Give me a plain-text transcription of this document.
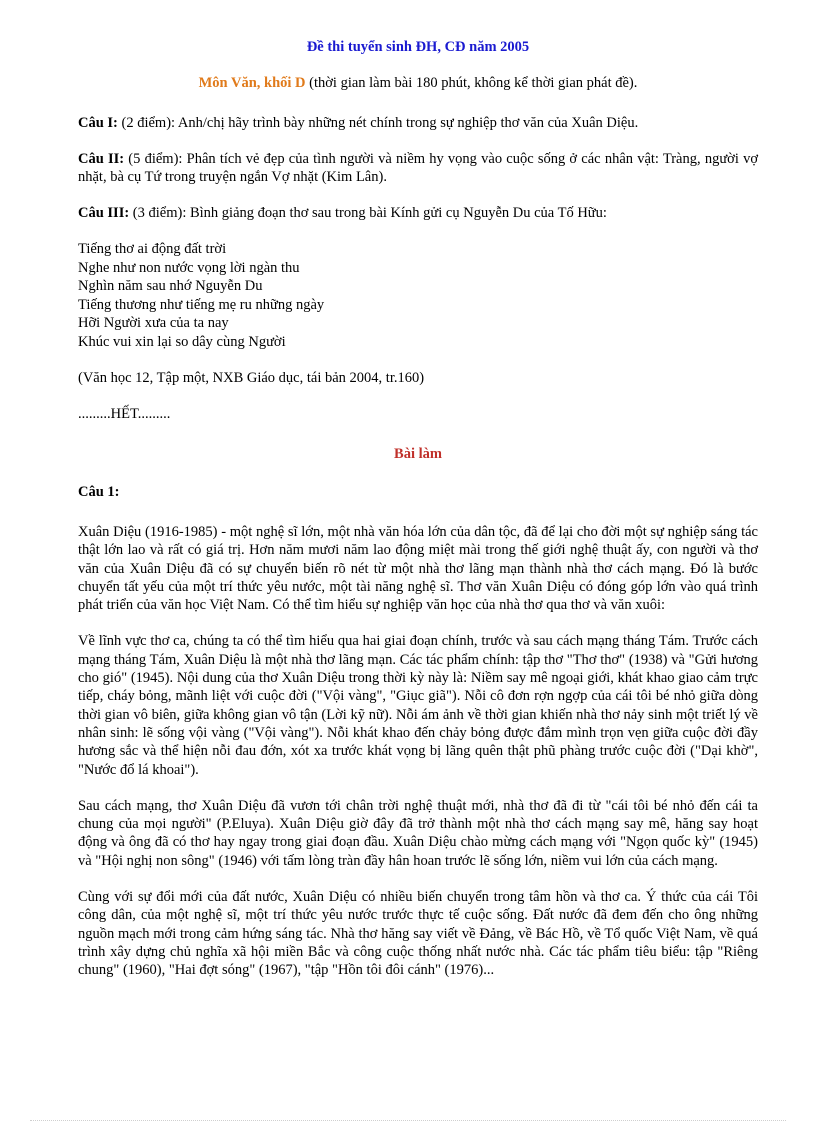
Đề thi tuyển sinh ĐH, CĐ năm 2005
Môn Văn, khối D (thời gian làm bài 180 phút, không kể thời gian phát đề).

Câu I: (2 điểm): Anh/chị hãy trình bày những nét chính trong sự nghiệp thơ văn của Xuân Diệu.

Câu II: (5 điểm): Phân tích vẻ đẹp của tình người và niềm hy vọng vào cuộc sống ở các nhân vật: Tràng, người vợ nhặt, bà cụ Tứ trong truyện ngắn Vợ nhặt (Kim Lân).

Câu III: (3 điểm): Bình giảng đoạn thơ sau trong bài Kính gửi cụ Nguyễn Du của Tố Hữu:

Tiếng thơ ai động đất trời
Nghe như non nước vọng lời ngàn thu
Nghìn năm sau nhớ Nguyễn Du
Tiếng thương như tiếng mẹ ru những ngày
Hỡi Người xưa của ta nay
Khúc vui xin lại so dây cùng Người

(Văn học 12, Tập một, NXB Giáo dục, tái bản 2004, tr.160)

.........HẾT.........
Bài làm
Câu 1:

Xuân Diệu (1916-1985) - một nghệ sĩ lớn, một nhà văn hóa lớn của dân tộc, đã để lại cho đời một sự nghiệp sáng tác thật lớn lao và rất có giá trị. Hơn năm mươi năm lao động miệt mài trong thế giới nghệ thuật ấy, con người và thơ văn của Xuân Diệu đã có sự chuyển biến rõ nét từ một nhà thơ lãng mạn thành nhà thơ cách mạng. Đó là bước chuyển tất yếu của một trí thức yêu nước, một tài năng nghệ sĩ. Thơ văn Xuân Diệu có đóng góp lớn vào quá trình phát triển của văn học Việt Nam. Có thể tìm hiểu sự nghiệp văn học của nhà thơ qua thơ và văn xuôi:

Về lĩnh vực thơ ca, chúng ta có thể tìm hiểu qua hai giai đoạn chính, trước và sau cách mạng tháng Tám. Trước cách mạng tháng Tám, Xuân Diệu là một nhà thơ lãng mạn. Các tác phẩm chính: tập thơ "Thơ thơ" (1938) và "Gửi hương cho gió" (1945). Nội dung của thơ Xuân Diệu trong thời kỳ này là: Niềm say mê ngoại giới, khát khao giao cảm trực tiếp, cháy bỏng, mãnh liệt với cuộc đời ("Vội vàng", "Giục giã"). Nỗi cô đơn rợn ngợp của cái tôi bé nhỏ giữa dòng thời gian vô biên, giữa không gian vô tận (Lời kỹ nữ). Nỗi ám ảnh về thời gian khiến nhà thơ nảy sinh một triết lý về nhân sinh: lẽ sống vội vàng ("Vội vàng"). Nỗi khát khao đến chảy bỏng được đắm mình trọn vẹn giữa cuộc đời đầy hương sắc và thể hiện nỗi đau đớn, xót xa trước khát vọng bị lãng quên thật phũ phàng trước cuộc đời ("Dại khờ", "Nước đổ lá khoai").

Sau cách mạng, thơ Xuân Diệu đã vươn tới chân trời nghệ thuật mới, nhà thơ đã đi từ "cái tôi bé nhỏ đến cái ta chung của mọi người" (P.Eluya). Xuân Diệu giờ đây đã trở thành một nhà thơ cách mạng say mê, hăng say hoạt động và ông đã có thơ hay ngay trong giai đoạn đầu. Xuân Diệu chào mừng cách mạng với "Ngọn quốc kỳ" (1945) và "Hội nghị non sông" (1946) với tấm lòng tràn đầy hân hoan trước lẽ sống lớn, niềm vui lớn của cách mạng.

Cùng với sự đổi mới của đất nước, Xuân Diệu có nhiều biến chuyển trong tâm hồn và thơ ca. Ý thức của cái Tôi công dân, của một nghệ sĩ, một trí thức yêu nước trước thực tế cuộc sống. Đất nước đã đem đến cho ông những nguồn mạch mới trong cảm hứng sáng tác. Nhà thơ hăng say viết về Đảng, về Bác Hồ, về Tổ quốc Việt Nam, về quá trình xây dựng chủ nghĩa xã hội miền Bắc và công cuộc thống nhất nước nhà. Các tác phẩm tiêu biểu: tập "Riêng chung" (1960), "Hai đợt sóng" (1967), "tập "Hồn tôi đôi cánh" (1976)...
